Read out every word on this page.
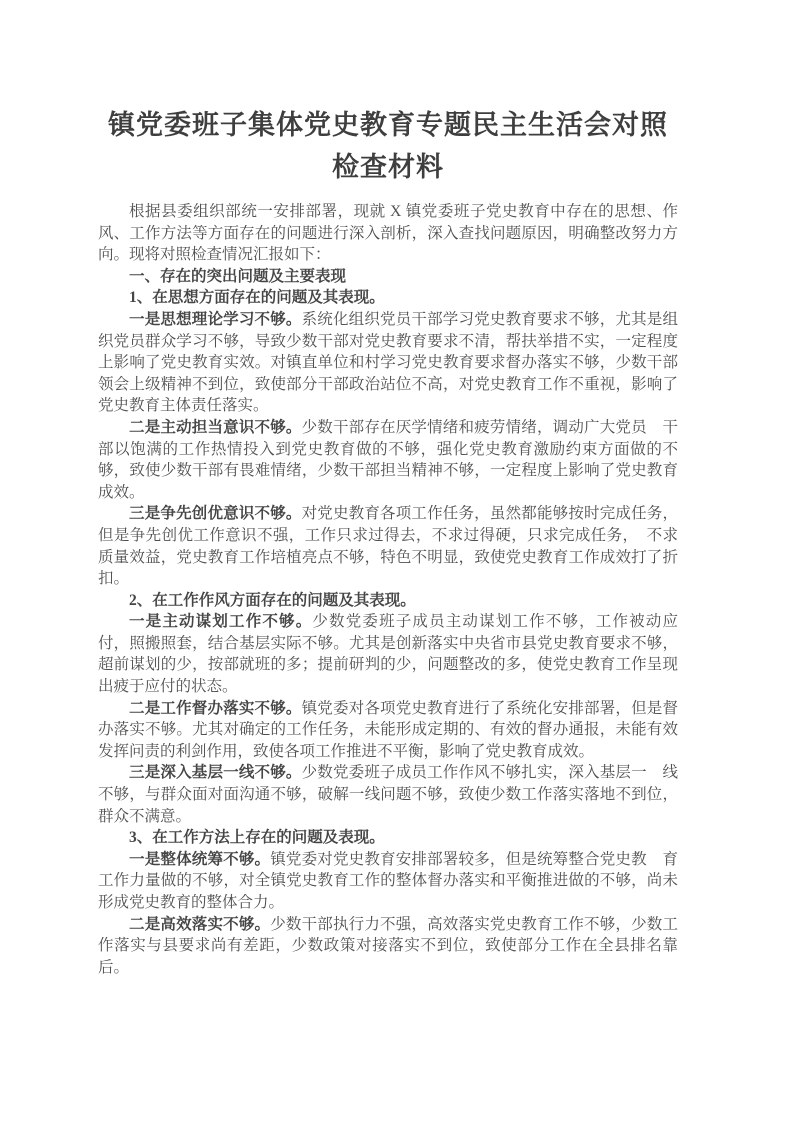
镇党委班子集体党史教育专题民主生活会对照检查材料

根据县委组织部统一安排部署，现就 X 镇党委班子党史教育中存在的思想、作风、工作方法等方面存在的问题进行深入剖析，深入查找问题原因，明确整改努力方向。现将对照检查情况汇报如下：

一、存在的突出问题及主要表现
1、在思想方面存在的问题及其表现。

一是思想理论学习不够。系统化组织党员干部学习党史教育要求不够，尤其是组织党员群众学习不够，导致少数干部对党史教育要求不清，帮扶举措不实，一定程度上影响了党史教育实效。对镇直单位和村学习党史教育要求督办落实不够，少数干部领会上级精神不到位，致使部分干部政治站位不高，对党史教育工作不重视，影响了党史教育主体责任落实。

二是主动担当意识不够。少数干部存在厌学情绪和疲劳情绪，调动广大党员　干部以饱满的工作热情投入到党史教育做的不够，强化党史教育激励约束方面做的不够，致使少数干部有畏难情绪，少数干部担当精神不够，一定程度上影响了党史教育成效。

三是争先创优意识不够。对党史教育各项工作任务，虽然都能够按时完成任务，但是争先创优工作意识不强，工作只求过得去，不求过得硬，只求完成任务，　不求质量效益，党史教育工作培植亮点不够，特色不明显，致使党史教育工作成效打了折扣。

2、在工作作风方面存在的问题及其表现。

一是主动谋划工作不够。少数党委班子成员主动谋划工作不够，工作被动应　付，照搬照套，结合基层实际不够。尤其是创新落实中央省市县党史教育要求不够，超前谋划的少，按部就班的多；提前研判的少，问题整改的多，使党史教育工作呈现出疲于应付的状态。

二是工作督办落实不够。镇党委对各项党史教育进行了系统化安排部署，但是督办落实不够。尤其对确定的工作任务，未能形成定期的、有效的督办通报，未能有效发挥问责的利剑作用，致使各项工作推进不平衡，影响了党史教育成效。

三是深入基层一线不够。少数党委班子成员工作作风不够扎实，深入基层一　线不够，与群众面对面沟通不够，破解一线问题不够，致使少数工作落实落地不到位，群众不满意。

3、在工作方法上存在的问题及表现。

一是整体统筹不够。镇党委对党史教育安排部署较多，但是统筹整合党史教　育工作力量做的不够，对全镇党史教育工作的整体督办落实和平衡推进做的不够，尚未形成党史教育的整体合力。

二是高效落实不够。少数干部执行力不强，高效落实党史教育工作不够，少数工作落实与县要求尚有差距，少数政策对接落实不到位，致使部分工作在全县排名靠后。
